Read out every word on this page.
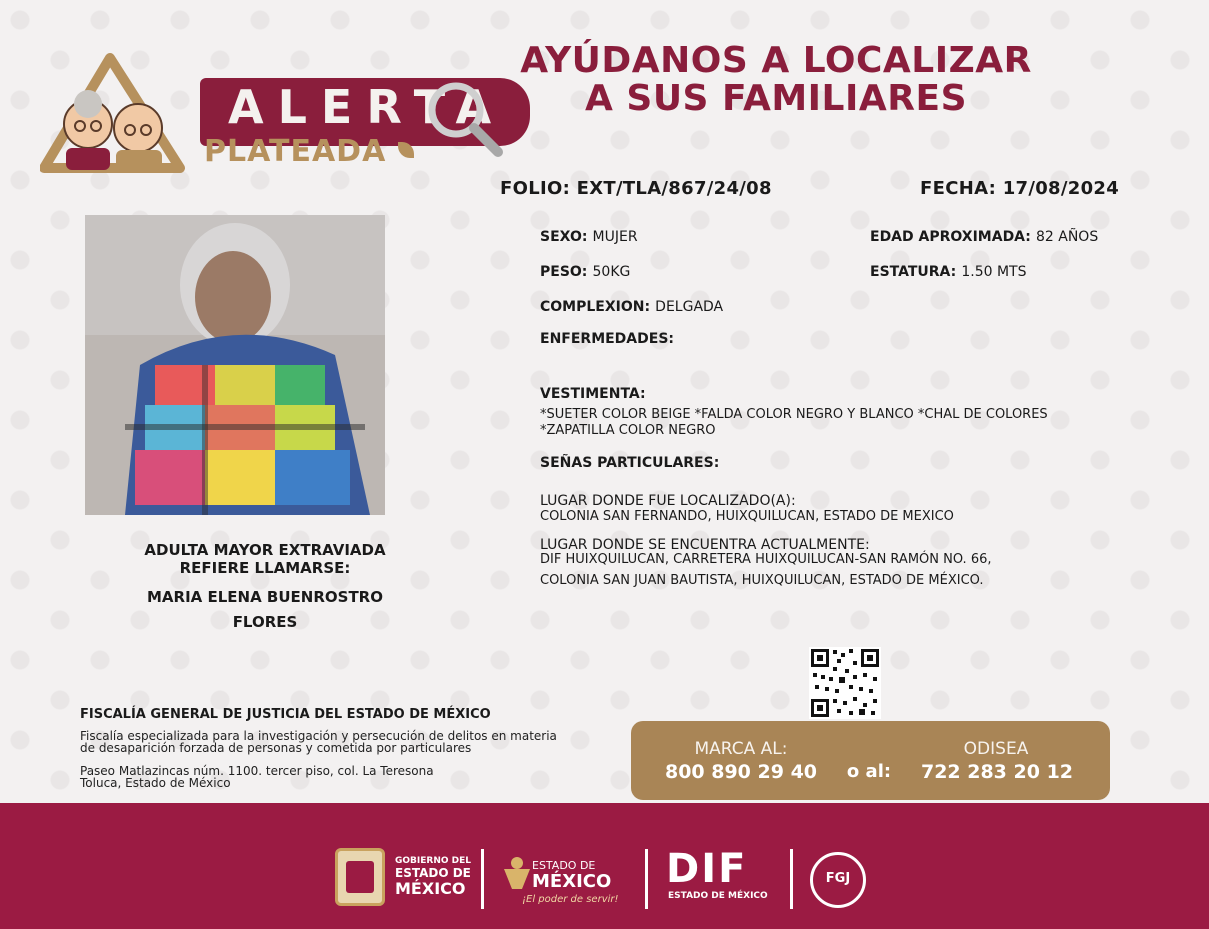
ALERTA
PLATEADA
AYÚDANOS A LOCALIZAR
A SUS FAMILIARES
FOLIO: EXT/TLA/867/24/08	FECHA: 17/08/2024
ADULTA MAYOR EXTRAVIADA
REFIERE LLAMARSE:
MARIA ELENA BUENROSTRO
FLORES
SEXO: MUJER	EDAD APROXIMADA: 82 AÑOS
PESO: 50KG	ESTATURA: 1.50 MTS
COMPLEXION: DELGADA
ENFERMEDADES:
VESTIMENTA:
*SUETER COLOR BEIGE *FALDA COLOR NEGRO Y BLANCO *CHAL DE COLORES
*ZAPATILLA COLOR NEGRO
SEÑAS PARTICULARES:
LUGAR DONDE FUE LOCALIZADO(A):
COLONIA SAN FERNANDO, HUIXQUILUCAN, ESTADO DE MEXICO
LUGAR DONDE SE ENCUENTRA ACTUALMENTE:
DIF HUIXQUILUCAN, CARRETERA HUIXQUILUCAN-SAN RAMÓN NO. 66,
COLONIA SAN JUAN BAUTISTA, HUIXQUILUCAN, ESTADO DE MÉXICO.
FISCALÍA GENERAL DE JUSTICIA DEL ESTADO DE MÉXICO
Fiscalía especializada para la investigación y persecución de delitos en materia
de desaparición forzada de personas y cometida por particulares
Paseo Matlazincas núm. 1100. tercer piso, col. La Teresona
Toluca, Estado de México
MARCA AL:
800 890 29 40	o al:
ODISEA
722 283 20 12
GOBIERNO DEL
ESTADO DE
MÉXICO
ESTADO DE
MÉXICO
¡El poder de servir!
DIF
ESTADO DE MÉXICO
FGJ
